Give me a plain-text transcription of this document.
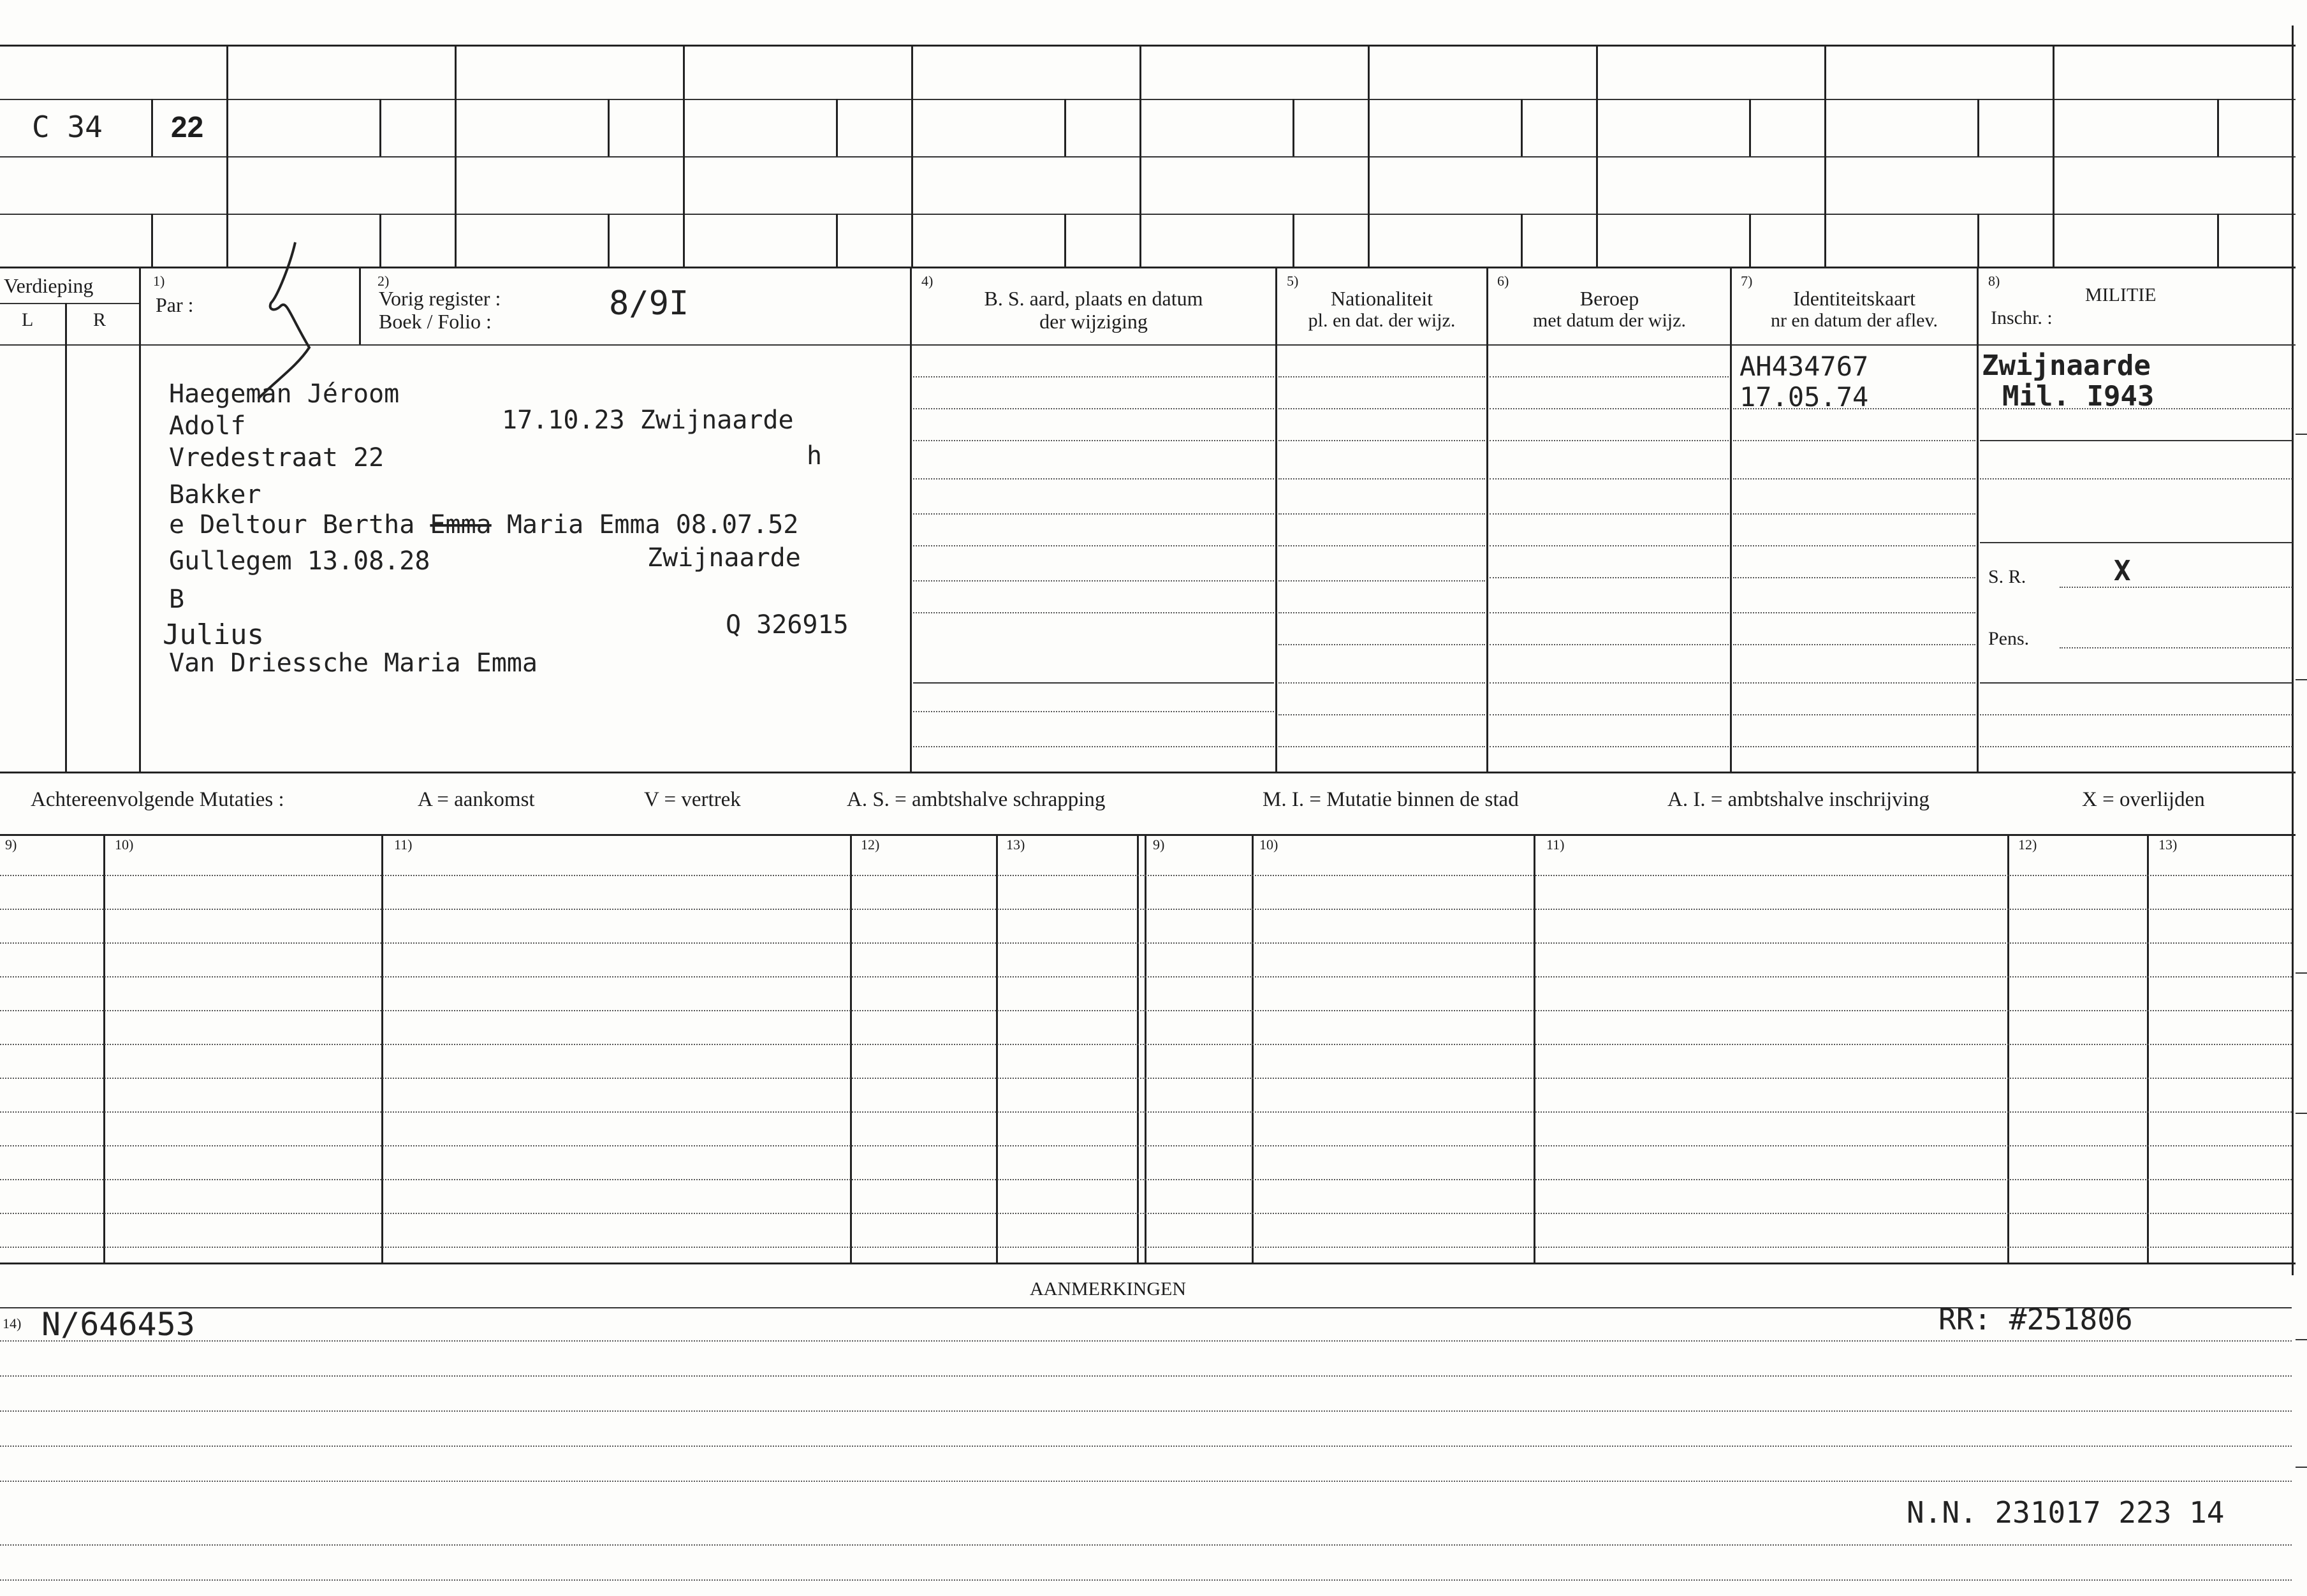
C 34 22
Verdieping
L	R
1)
Par :
2)
Vorig register :
Boek / Folio :	8/9I
4)
B. S. aard, plaats en datum
der wijziging
5)
Nationaliteit
pl. en dat. der wijz.
6)
Beroep
met datum der wijz.
7)
Identiteitskaart
nr en datum der aflev.
8)
MILITIE
Inschr. :
Haegeman Jéroom
Adolf	17.10.23 Zwijnaarde
Vredestraat 22	h
Bakker
e Deltour Bertha Emma Maria Emma 08.07.52
Gullegem 13.08.28	Zwijnaarde
B
Julius	Q 326915
Van Driessche Maria Emma
AH434767
17.05.74
Zwijnaarde
Mil. I943
S. R.	X
Pens.
Achtereenvolgende Mutaties :	A = aankomst	V = vertrek	A. S. = ambtshalve schrapping	M. I. = Mutatie binnen de stad	A. I. = ambtshalve inschrijving	X = overlijden
9)	10)	11)	12)	13)	9)	10)	11)	12)	13)
AANMERKINGEN
14) N/646453	RR: #251806
N.N. 231017 223 14
